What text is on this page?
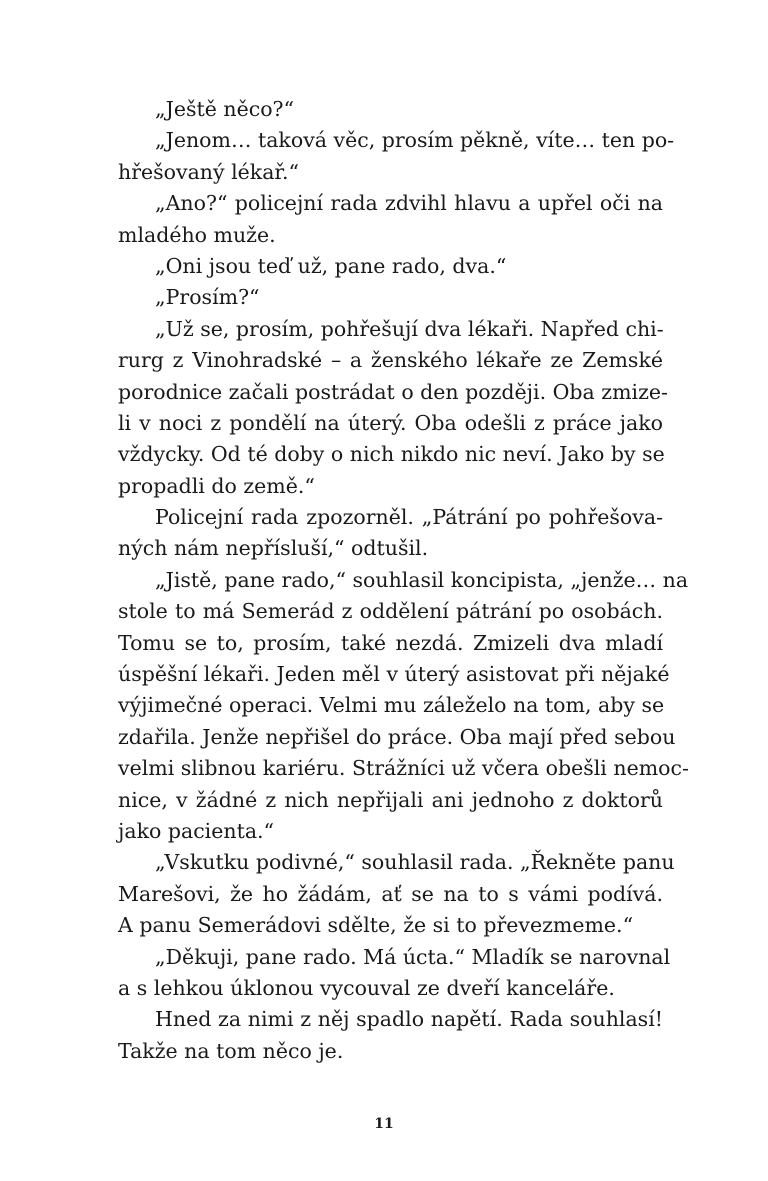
„Ještě něco?“
„Jenom… taková věc, prosím pěkně, víte… ten po-
hřešovaný lékař.“
„Ano?“ policejní rada zdvihl hlavu a upřel oči na
mladého muže.
„Oni jsou teď už, pane rado, dva.“
„Prosím?“
„Už se, prosím, pohřešují dva lékaři. Napřed chi-
rurg z Vinohradské – a ženského lékaře ze Zemské
porodnice začali postrádat o den později. Oba zmize-
li v noci z pondělí na úterý. Oba odešli z práce jako
vždycky. Od té doby o nich nikdo nic neví. Jako by se
propadli do země.“
Policejní rada zpozorněl. „Pátrání po pohřešova-
ných nám nepřísluší,“ odtušil.
„Jistě, pane rado,“ souhlasil koncipista, „jenže… na
stole to má Semerád z oddělení pátrání po osobách.
Tomu se to, prosím, také nezdá. Zmizeli dva mladí
úspěšní lékaři. Jeden měl v úterý asistovat při nějaké
výjimečné operaci. Velmi mu záleželo na tom, aby se
zdařila. Jenže nepřišel do práce. Oba mají před sebou
velmi slibnou kariéru. Strážníci už včera obešli nemoc-
nice, v žádné z nich nepřijali ani jednoho z doktorů
jako pacienta.“
„Vskutku podivné,“ souhlasil rada. „Řekněte panu
Marešovi, že ho žádám, ať se na to s vámi podívá.
A panu Semerádovi sdělte, že si to převezmeme.“
„Děkuji, pane rado. Má úcta.“ Mladík se narovnal
a s lehkou úklonou vycouval ze dveří kanceláře.
Hned za nimi z něj spadlo napětí. Rada souhlasí!
Takže na tom něco je.
11
